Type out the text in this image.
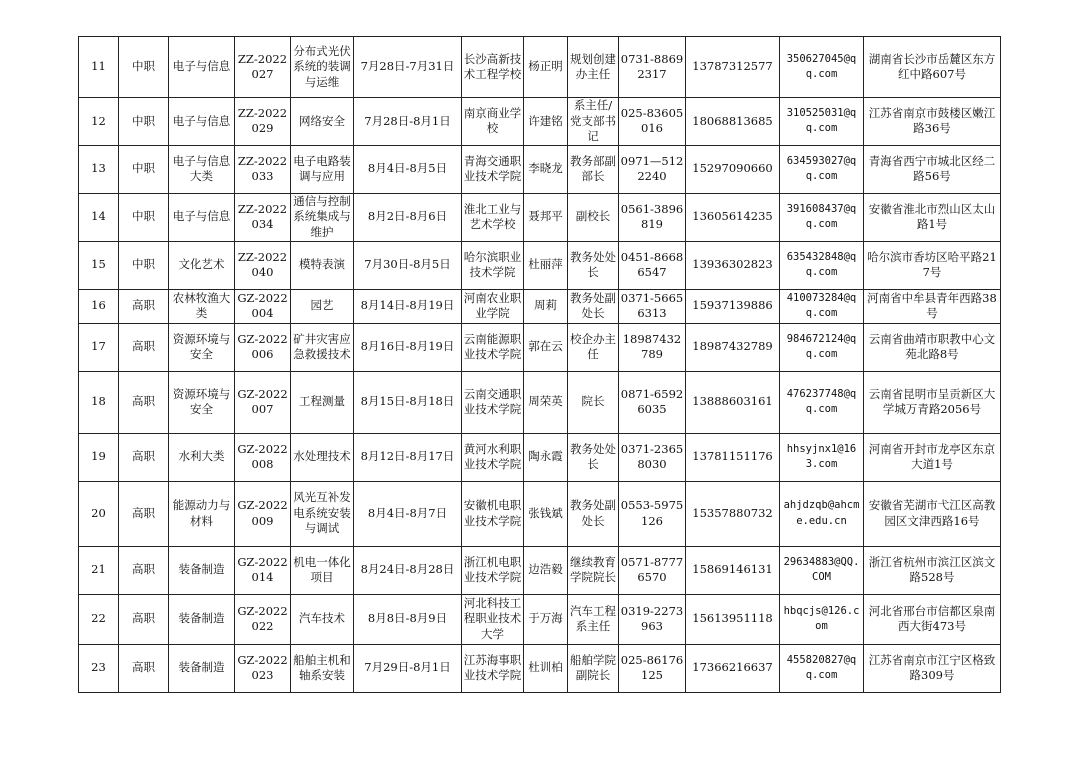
11	中职	电子与信息	ZZ-2022027	分布式光伏系统的装调与运维	7月28日-7月31日	长沙高新技术工程学校	杨正明	规划创建办主任	0731-88692317	13787312577	350627045@qq.com	湖南省长沙市岳麓区东方红中路607号
12	中职	电子与信息	ZZ-2022029	网络安全	7月28日-8月1日	南京商业学校	许建铭	系主任/党支部书记	025-83605016	18068813685	310525031@qq.com	江苏省南京市鼓楼区嫩江路36号
13	中职	电子与信息大类	ZZ-2022033	电子电路装调与应用	8月4日-8月5日	青海交通职业技术学院	李晓龙	教务部副部长	0971—5122240	15297090660	634593027@qq.com	青海省西宁市城北区经二路56号
14	中职	电子与信息	ZZ-2022034	通信与控制系统集成与维护	8月2日-8月6日	淮北工业与艺术学校	聂邦平	副校长	0561-3896819	13605614235	391608437@qq.com	安徽省淮北市烈山区太山路1号
15	中职	文化艺术	ZZ-2022040	模特表演	7月30日-8月5日	哈尔滨职业技术学院	杜丽萍	教务处处长	0451-86686547	13936302823	635432848@qq.com	哈尔滨市香坊区哈平路217号
16	高职	农林牧渔大类	GZ-2022004	园艺	8月14日-8月19日	河南农业职业学院	周莉	教务处副处长	0371-56656313	15937139886	410073284@qq.com	河南省中牟县青年西路38号
17	高职	资源环境与安全	GZ-2022006	矿井灾害应急救援技术	8月16日-8月19日	云南能源职业技术学院	郭在云	校企办主任	18987432789	18987432789	984672124@qq.com	云南省曲靖市职教中心文苑北路8号
18	高职	资源环境与安全	GZ-2022007	工程测量	8月15日-8月18日	云南交通职业技术学院	周荣英	院长	0871-65926035	13888603161	476237748@qq.com	云南省昆明市呈贡新区大学城万青路2056号
19	高职	水利大类	GZ-2022008	水处理技术	8月12日-8月17日	黄河水利职业技术学院	陶永霞	教务处处长	0371-23658030	13781151176	hhsyjnx1@163.com	河南省开封市龙亭区东京大道1号
20	高职	能源动力与材料	GZ-2022009	风光互补发电系统安装与调试	8月4日-8月7日	安徽机电职业技术学院	张钱斌	教务处副处长	0553-5975126	15357880732	ahjdzqb@ahcme.edu.cn	安徽省芜湖市弋江区高教园区文津西路16号
21	高职	装备制造	GZ-2022014	机电一体化项目	8月24日-8月28日	浙江机电职业技术学院	边浩毅	继续教育学院院长	0571-87776570	15869146131	29634883@QQ.COM	浙江省杭州市滨江区滨文路528号
22	高职	装备制造	GZ-2022022	汽车技术	8月8日-8月9日	河北科技工程职业技术大学	于万海	汽车工程系主任	0319-2273963	15613951118	hbqcjs@126.com	河北省邢台市信都区泉南西大街473号
23	高职	装备制造	GZ-2022023	船舶主机和轴系安装	7月29日-8月1日	江苏海事职业技术学院	杜训柏	船舶学院副院长	025-86176125	17366216637	455820827@qq.com	江苏省南京市江宁区格致路309号
